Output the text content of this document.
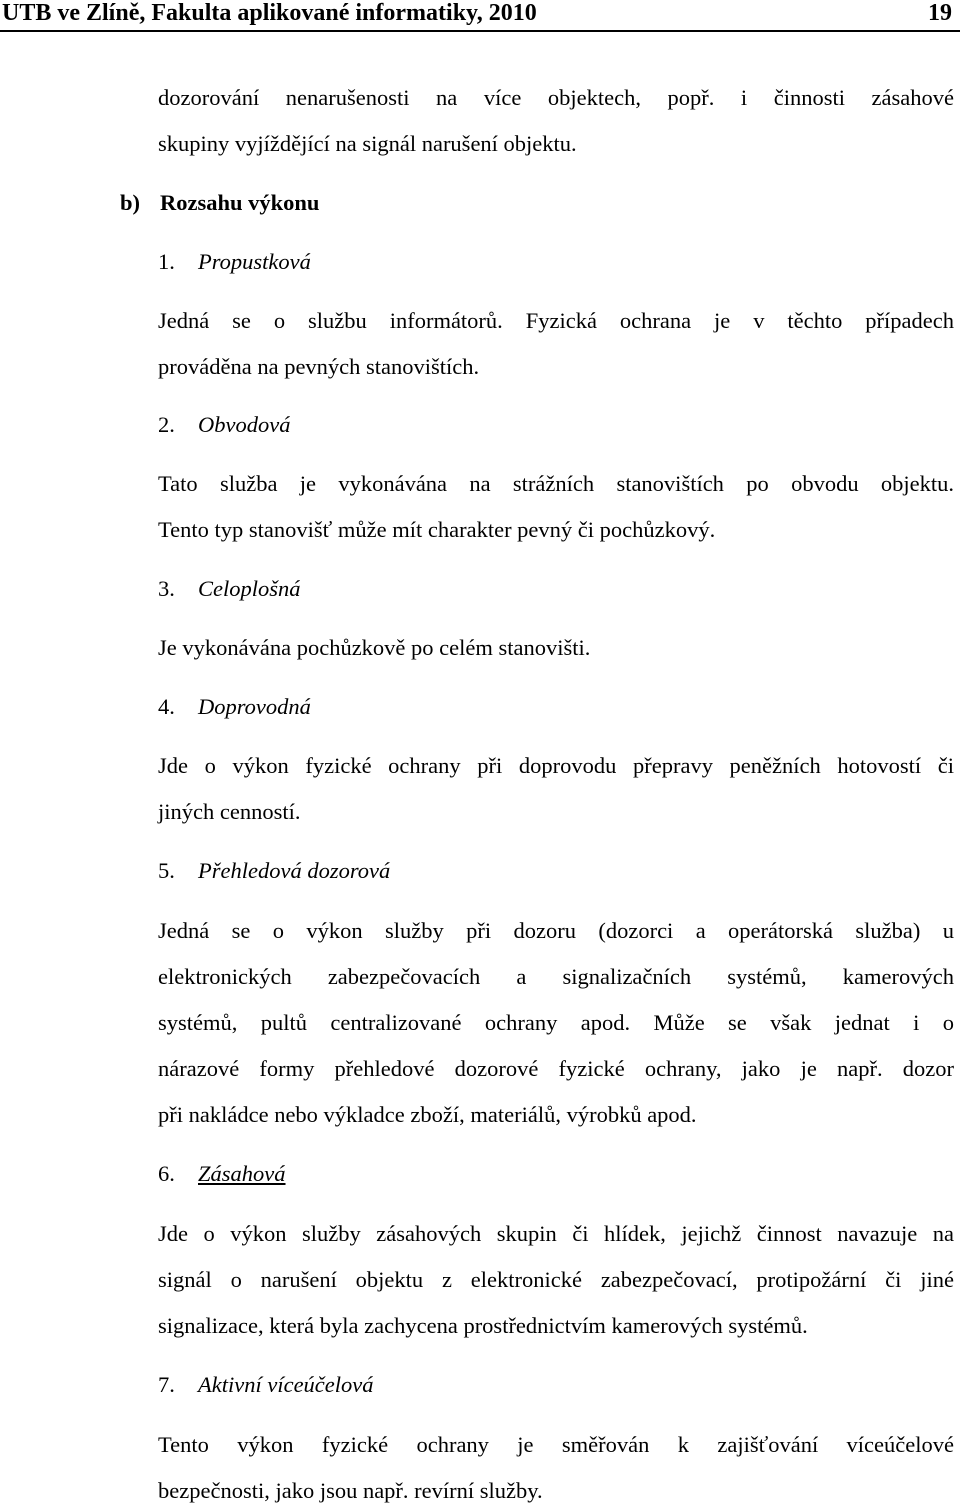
UTB ve Zlíně, Fakulta aplikované informatiky, 2010	19
dozorování nenarušenosti na více objektech, popř. i činnosti zásahové
skupiny vyjíždějící na signál narušení objektu.
b) Rozsahu výkonu
1. Propustková
Jedná se o službu informátorů. Fyzická ochrana je v těchto případech
prováděna na pevných stanovištích.
2. Obvodová
Tato služba je vykonávána na strážních stanovištích po obvodu objektu.
Tento typ stanovišť může mít charakter pevný či pochůzkový.
3. Celoplošná
Je vykonávána pochůzkově po celém stanovišti.
4. Doprovodná
Jde o výkon fyzické ochrany při doprovodu přepravy peněžních hotovostí či
jiných cenností.
5. Přehledová dozorová
Jedná se o výkon služby při dozoru (dozorci a operátorská služba) u
elektronických zabezpečovacích a signalizačních systémů, kamerových
systémů, pultů centralizované ochrany apod. Může se však jednat i o
nárazové formy přehledové dozorové fyzické ochrany, jako je např. dozor
při nakládce nebo výkladce zboží, materiálů, výrobků apod.
6. Zásahová
Jde o výkon služby zásahových skupin či hlídek, jejichž činnost navazuje na
signál o narušení objektu z elektronické zabezpečovací, protipožární či jiné
signalizace, která byla zachycena prostřednictvím kamerových systémů.
7. Aktivní víceúčelová
Tento výkon fyzické ochrany je směřován k zajišťování víceúčelové
bezpečnosti, jako jsou např. revírní služby.
